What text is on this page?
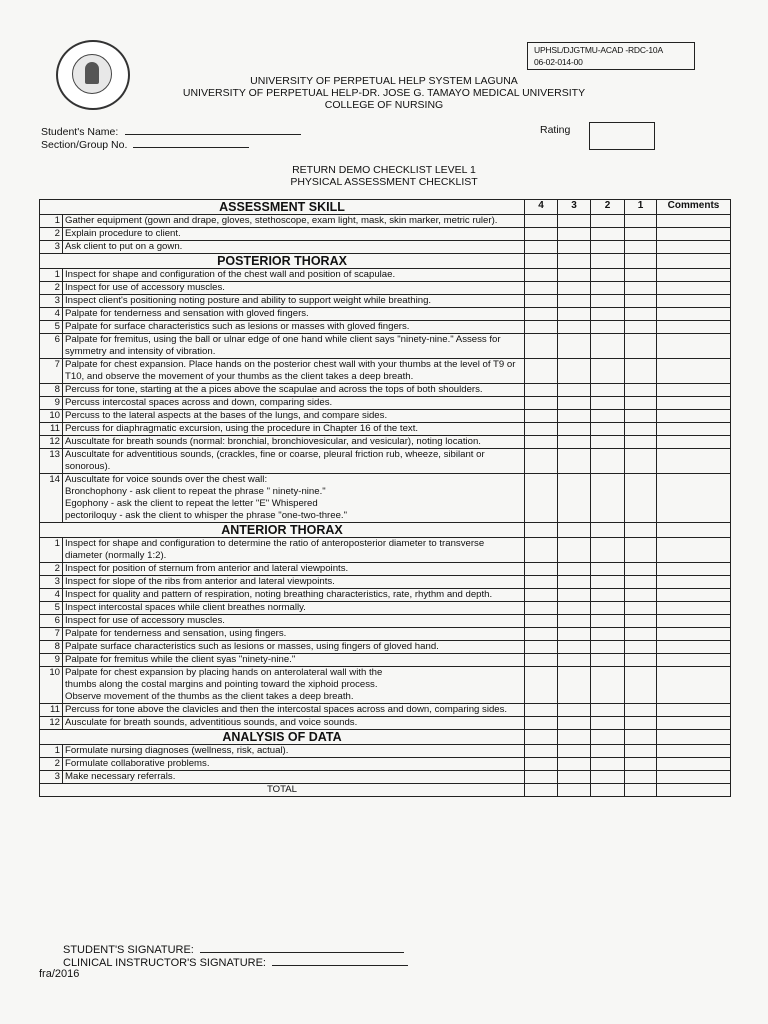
UPHSL/DJGTMU-ACAD -RDC-10A
06-02-014-00
UNIVERSITY OF PERPETUAL HELP SYSTEM LAGUNA
UNIVERSITY OF PERPETUAL HELP-DR. JOSE G. TAMAYO MEDICAL UNIVERSITY
COLLEGE OF NURSING
Student's Name:
Section/Group No.
Rating
RETURN DEMO CHECKLIST LEVEL 1
PHYSICAL ASSESSMENT CHECKLIST
ASSESSMENT SKILL		4	3	2	1	Comments
1	Gather equipment (gown and drape, gloves, stethoscope, exam light, mask, skin marker, metric ruler).					
2	Explain procedure to client.					
3	Ask client to put on a gown.					
POSTERIOR THORAX						
1	Inspect for shape and configuration of the chest wall and position of scapulae.					
2	Inspect for use of accessory muscles.					
3	Inspect client's positioning noting posture and ability to support weight while breathing.					
4	Palpate for tenderness and sensation with gloved fingers.					
5	Palpate for surface characteristics such as lesions or masses with gloved fingers.					
6	Palpate for fremitus, using the ball or ulnar edge of one hand while client says "ninety-nine." Assess for symmetry and intensity of vibration.					
7	Palpate for chest expansion. Place hands on the posterior chest wall with your thumbs at the level of T9 or T10, and observe the movement of your thumbs as the client takes a deep breath.					
8	Percuss for tone, starting at the a pices above the scapulae and across the tops of both shoulders.					
9	Percuss intercostal spaces across and down, comparing sides.					
10	Percuss to the lateral aspects at the bases of the lungs, and compare sides.					
11	Percuss for diaphragmatic excursion, using the procedure in Chapter 16 of the text.					
12	Auscultate for breath sounds (normal: bronchial, bronchiovesicular, and vesicular), noting location.					
13	Auscultate for adventitious sounds, (crackles, fine or coarse, pleural friction rub, wheeze, sibilant or sonorous).					
14	Auscultate for voice sounds over the chest wall:
Bronchophony - ask client to repeat the phrase " ninety-nine."
Egophony - ask the client to repeat the letter "E" Whispered
pectoriloquy - ask the client to whisper the phrase "one-two-three."					

ANTERIOR THORAX						
1	Inspect for shape and configuration to determine the ratio of anteroposterior diameter to transverse diameter (normally 1:2).					
2	Inspect for position of sternum from anterior and lateral viewpoints.					
3	Inspect for slope of the ribs from anterior and lateral viewpoints.					
4	Inspect for quality and pattern of respiration, noting breathing characteristics, rate, rhythm and depth.					
5	Inspect intercostal spaces while client breathes normally.					
6	Inspect for use of accessory muscles.					
7	Palpate for tenderness and sensation, using fingers.					
8	Palpate surface characteristics such as lesions or masses, using fingers of gloved hand.					
9	Palpate for fremitus while the client syas "ninety-nine."					
10	Palpate for chest expansion by placing hands on anterolateral wall with the
thumbs along the costal margins and pointing toward the xiphoid process.
Observe movement of the thumbs as the client takes a deep breath.					

11	Percuss for tone above the clavicles and then the intercostal spaces across and down, comparing sides.					
12	Ausculate for breath sounds, adventitious sounds, and voice sounds.					
ANALYSIS OF DATA						
1	Formulate nursing diagnoses (wellness, risk, actual).					
2	Formulate collaborative problems.					
3	Make necessary referrals.					
TOTAL						
STUDENT'S SIGNATURE:
CLINICAL INSTRUCTOR'S SIGNATURE:
fra/2016
